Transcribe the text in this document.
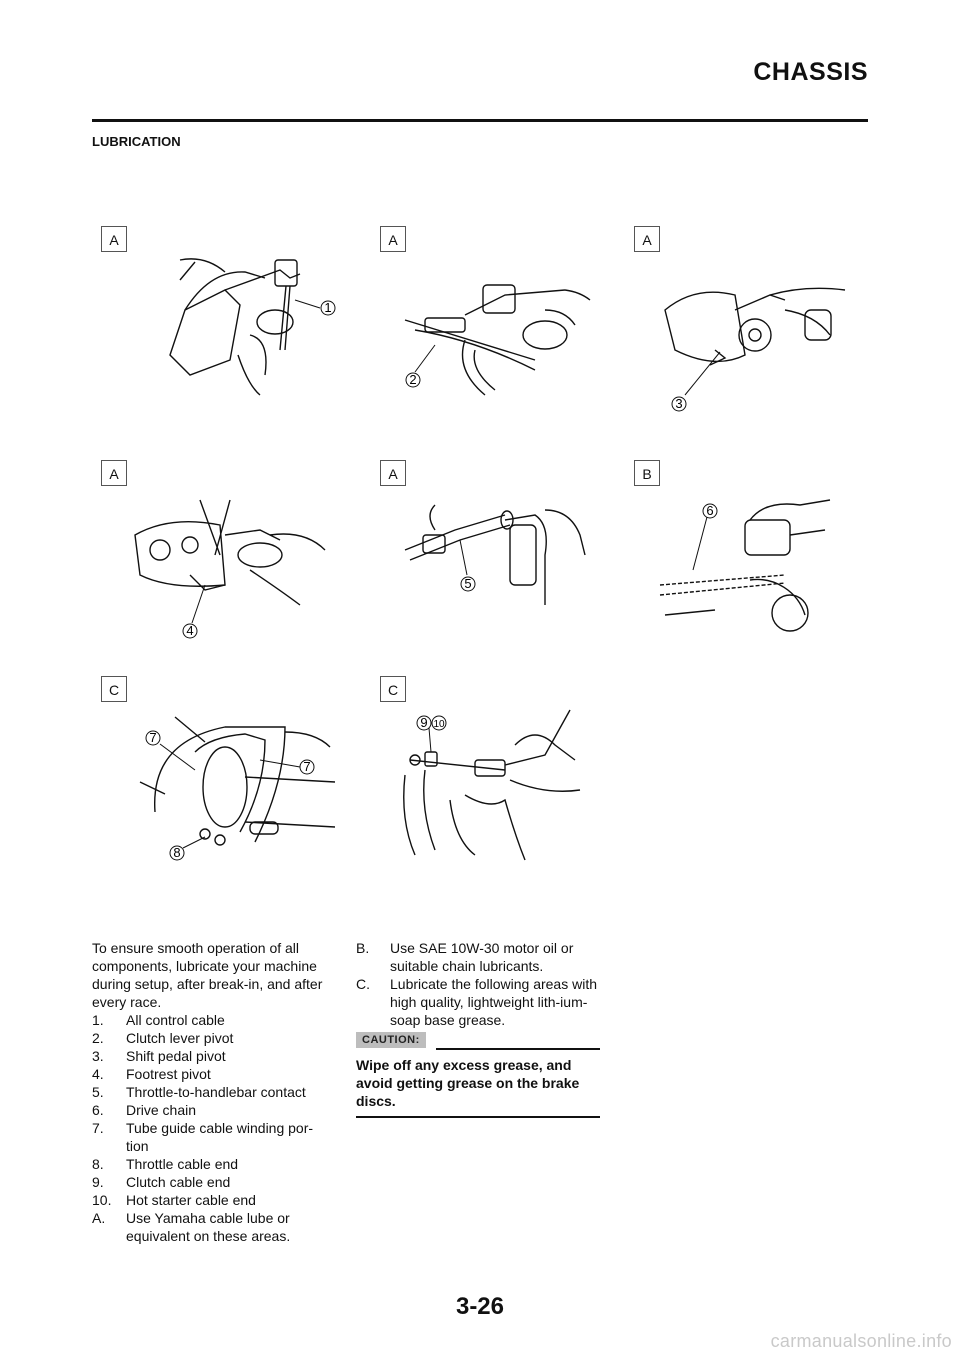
CHASSIS
LUBRICATION
A
1
A
2
A
3
A
4
A
5
B
6
C
7
7
8
C
9 10

To ensure smooth operation of all components, lubricate your machine during setup, after break-in, and after every race.

1.	All control cable
2.	Clutch lever pivot
3.	Shift pedal pivot
4.	Footrest pivot
5.	Throttle-to-handlebar contact
6.	Drive chain
7.	Tube guide cable winding por-tion
8.	Throttle cable end
9.	Clutch cable end
10.	Hot starter cable end
A.	Use Yamaha cable lube or equivalent on these areas.
B.	Use SAE 10W-30 motor oil or suitable chain lubricants.
C.	Lubricate the following areas with high quality, lightweight lith-ium-soap base grease.
CAUTION:
Wipe off any excess grease, and avoid getting grease on the brake discs.
3-26
carmanualsonline.info
